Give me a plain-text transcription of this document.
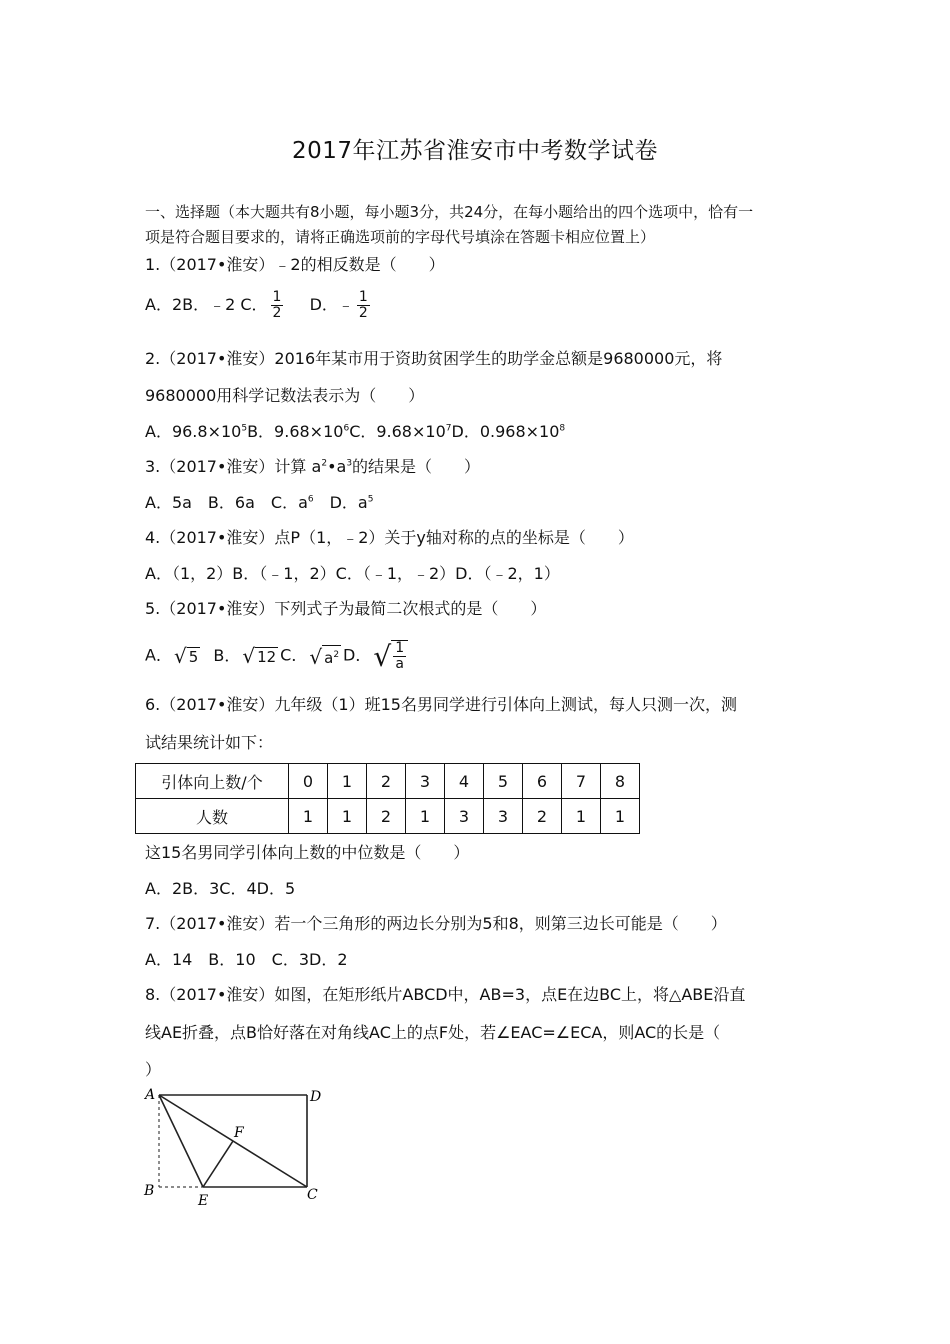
2017年江苏省淮安市中考数学试卷
一、选择题（本大题共有8小题，每小题3分，共24分，在每小题给出的四个选项中，恰有一
项是符合题目要求的，请将正确选项前的字母代号填涂在答题卡相应位置上）
1.（2017•淮安）﹣2的相反数是（　　）
A．2B．﹣2 C． $\frac{1}{2}$ D．﹣ $\frac{1}{2}$
2.（2017•淮安）2016年某市用于资助贫困学生的助学金总额是9680000元，将
9680000用科学记数法表示为（　　）
A．$96.8\times 10^5B$．$9.68\times 10^6C$．$9.68\times 10^7D$．$0.968\times 10^8$
3.（2017•淮安）计算 $a^2•a^3$的结果是（　　）
A．5a　B．6a　C．$a^6$　D．$a^5$
4.（2017•淮安）点P（1，﹣2）关于y轴对称的点的坐标是（　　）
A．（1，2）B．（﹣1，2）C．（﹣1，﹣2）D．（﹣2，1）
5.（2017•淮安）下列式子为最简二次根式的是（　　）
A． √ 5 B． √ 12 C． √ $a^2$ D． √ $\frac{1}{a}$
6.（2017•淮安）九年级（1）班15名男同学进行引体向上测试，每人只测一次，测
试结果统计如下：
引体向上数/个	0	1	2	3	4	5	6	7	8
人数	1	1	2	1	3	3	2	1	1
这15名男同学引体向上数的中位数是（　　）
A．2B．3C．4D．5
7.（2017•淮安）若一个三角形的两边长分别为5和8，则第三边长可能是（　　）
A．14　B．10　C．3D．2
8.（2017•淮安）如图，在矩形纸片ABCD中，AB=3，点E在边BC上，将△ABE沿直
线AE折叠，点B恰好落在对角线AC上的点F处，若∠EAC=∠ECA，则AC的长是（
）
A	D
B
E	C
F
